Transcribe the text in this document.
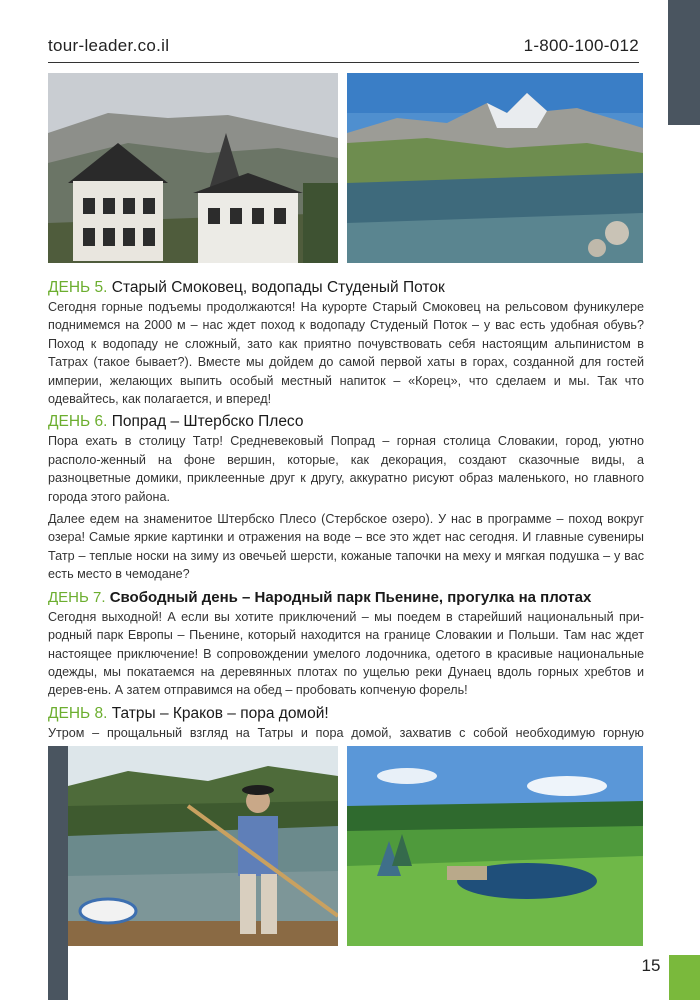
tour-leader.co.il	1-800-100-012
ДЕНЬ 5. Старый Смоковец, водопады Студеный Поток

Сегодня горные подъемы продолжаются! На курорте Старый Смоковец на рельсовом фуникулере поднимемся на 2000 м – нас ждет поход к водопаду Студеный Поток – у вас есть удобная обувь? Поход к водопаду не сложный, зато как приятно почувствовать себя настоящим альпинистом в Татрах (такое бывает?). Вместе мы дойдем до самой первой хаты в горах, созданной для гостей империи, желающих выпить особый местный напиток – «Корец», что сделаем и мы. Так что одевайтесь, как полагается, и вперед!

ДЕНЬ 6. Попрад – Штербско Плесо

Пора ехать в столицу Татр! Средневековый Попрад – горная столица Словакии, город, уютно располо-женный на фоне вершин, которые, как декорация, создают сказочные виды, а разноцветные домики, приклеенные друг к другу, аккуратно рисуют образ маленького, но главного города этого района.

Далее едем на знаменитое Штербско Плесо (Стербское озеро). У нас в программе – поход вокруг озера! Самые яркие картинки и отражения на воде – все это ждет нас сегодня. И главные сувениры Татр – теплые носки на зиму из овечьей шерсти, кожаные тапочки на меху и мягкая подушка – у вас есть место в чемодане?

ДЕНЬ 7. Свободный день – Народный парк Пьенине, прогулка на плотах

Сегодня выходной! А если вы хотите приключений – мы поедем в старейший национальный при-родный парк Европы – Пьенине, который находится на границе Словакии и Польши. Там нас ждет настоящее приключение! В сопровождении умелого лодочника, одетого в красивые национальные одежды, мы покатаемся на деревянных плотах по ущелью реки Дунаец вдоль горных хребтов и дерев-ень. А затем отправимся на обед – пробовать копченую форель!

ДЕНЬ 8. Татры – Краков – пора домой!

Утром – прощальный взгляд на Татры и пора домой, захватив с собой необходимую горную

15
